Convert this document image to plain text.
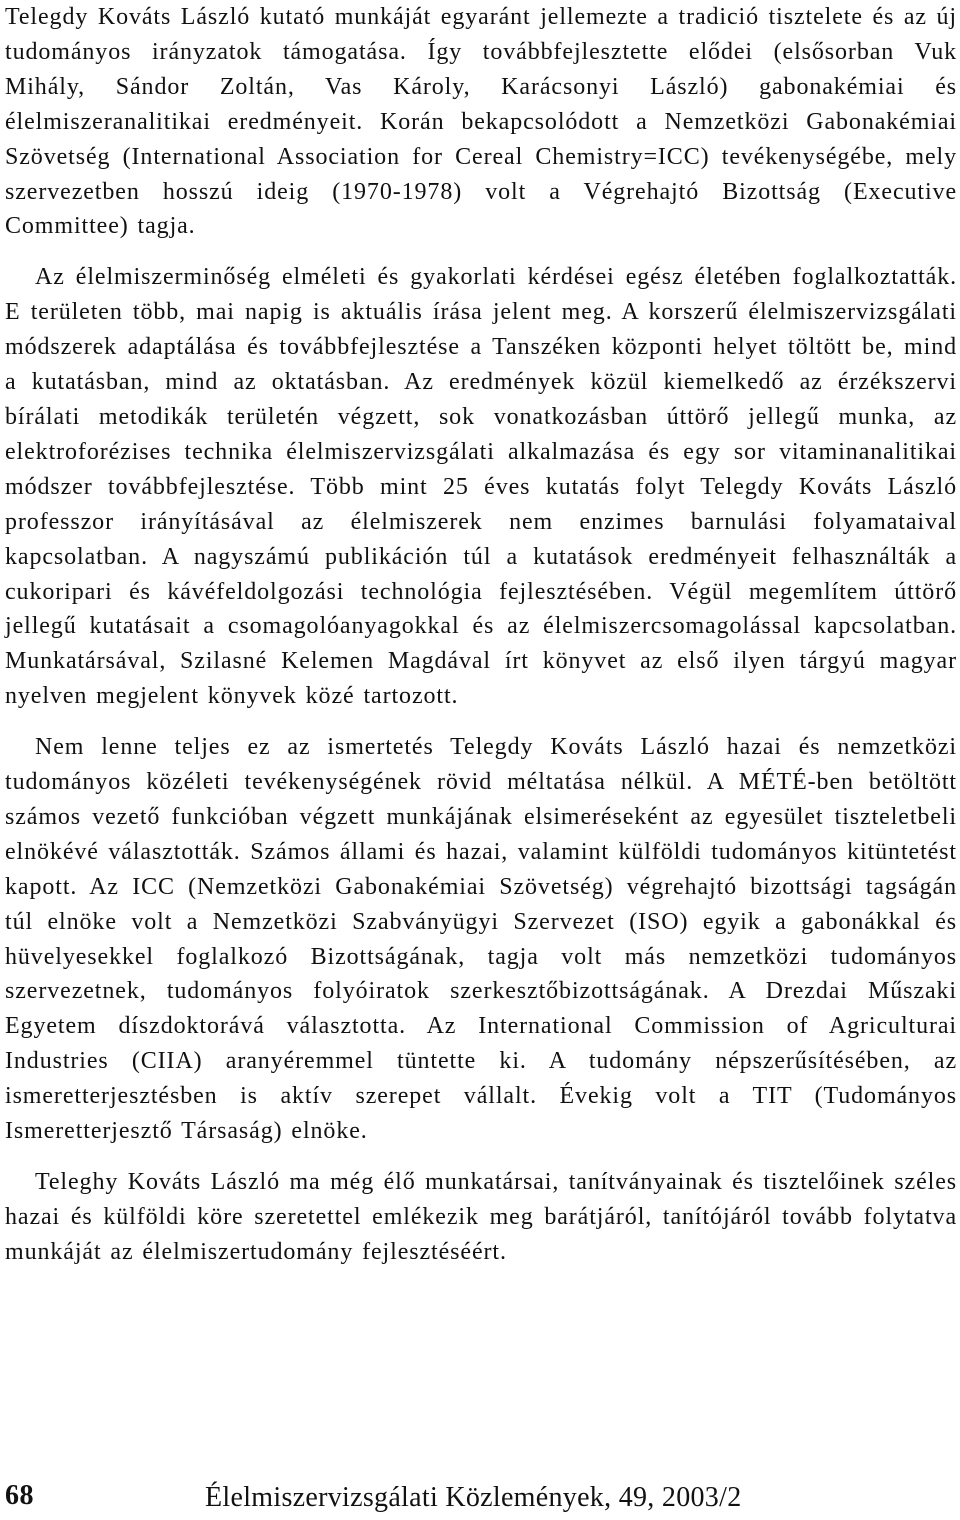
Telegdy Kováts László kutató munkáját egyaránt jellemezte a tradició tisztelete és az új tudományos irányzatok támogatása. Így továbbfejlesztette elődei (elsősorban Vuk Mihály, Sándor Zoltán, Vas Károly, Karácsonyi László) gabonakémiai és élelmiszeranalitikai eredményeit. Korán bekapcsolódott a Nemzetközi Gabonakémiai Szövetség (International Association for Cereal Chemistry=ICC) tevékenységébe, mely szervezetben hosszú ideig (1970-1978) volt a Végrehajtó Bizottság (Executive Committee) tagja.

Az élelmiszerminőség elméleti és gyakorlati kérdései egész életében foglalkoztatták. E területen több, mai napig is aktuális írása jelent meg. A korszerű élelmiszervizsgálati módszerek adaptálása és továbbfejlesztése a Tanszéken központi helyet töltött be, mind a kutatásban, mind az oktatásban. Az eredmények közül kiemelkedő az érzékszervi bírálati metodikák területén végzett, sok vonatkozásban úttörő jellegű munka, az elektroforézises technika élelmiszervizsgálati alkalmazása és egy sor vitaminanalitikai módszer továbbfejlesztése. Több mint 25 éves kutatás folyt Telegdy Kováts László professzor irányításával az élelmiszerek nem enzimes barnulási folyamataival kapcsolatban. A nagyszámú publikáción túl a kutatások eredményeit felhasználták a cukoripari és kávéfeldolgozási technológia fejlesztésében. Végül megemlítem úttörő jellegű kutatásait a csomagolóanyagokkal és az élelmiszercsomagolással kapcsolatban. Munkatársával, Szilasné Kelemen Magdával írt könyvet az első ilyen tárgyú magyar nyelven megjelent könyvek közé tartozott.

Nem lenne teljes ez az ismertetés Telegdy Kováts László hazai és nemzetközi tudományos közéleti tevékenységének rövid méltatása nélkül. A MÉTÉ-ben betöltött számos vezető funkcióban végzett munkájának elsimeréseként az egyesület tiszteletbeli elnökévé választották. Számos állami és hazai, valamint külföldi tudományos kitüntetést kapott. Az ICC (Nemzetközi Gabonakémiai Szövetség) végrehajtó bizottsági tagságán túl elnöke volt a Nemzetközi Szabványügyi Szervezet (ISO) egyik a gabonákkal és hüvelyesekkel foglalkozó Bizottságának, tagja volt más nemzetközi tudományos szervezetnek, tudományos folyóiratok szerkesztőbizottságának. A Drezdai Műszaki Egyetem díszdoktorává választotta. Az International Commission of Agriculturai Industries (CIIA) aranyéremmel tüntette ki. A tudomány népszerűsítésében, az ismeretterjesztésben is aktív szerepet vállalt. Évekig volt a TIT (Tudományos Ismeretterjesztő Társaság) elnöke.

Teleghy Kováts László ma még élő munkatársai, tanítványainak és tisztelőinek széles hazai és külföldi köre szeretettel emlékezik meg barátjáról, tanítójáról tovább folytatva munkáját az élelmiszertudomány fejlesztéséért.

68	Élelmiszervizsgálati Közlemények, 49, 2003/2
